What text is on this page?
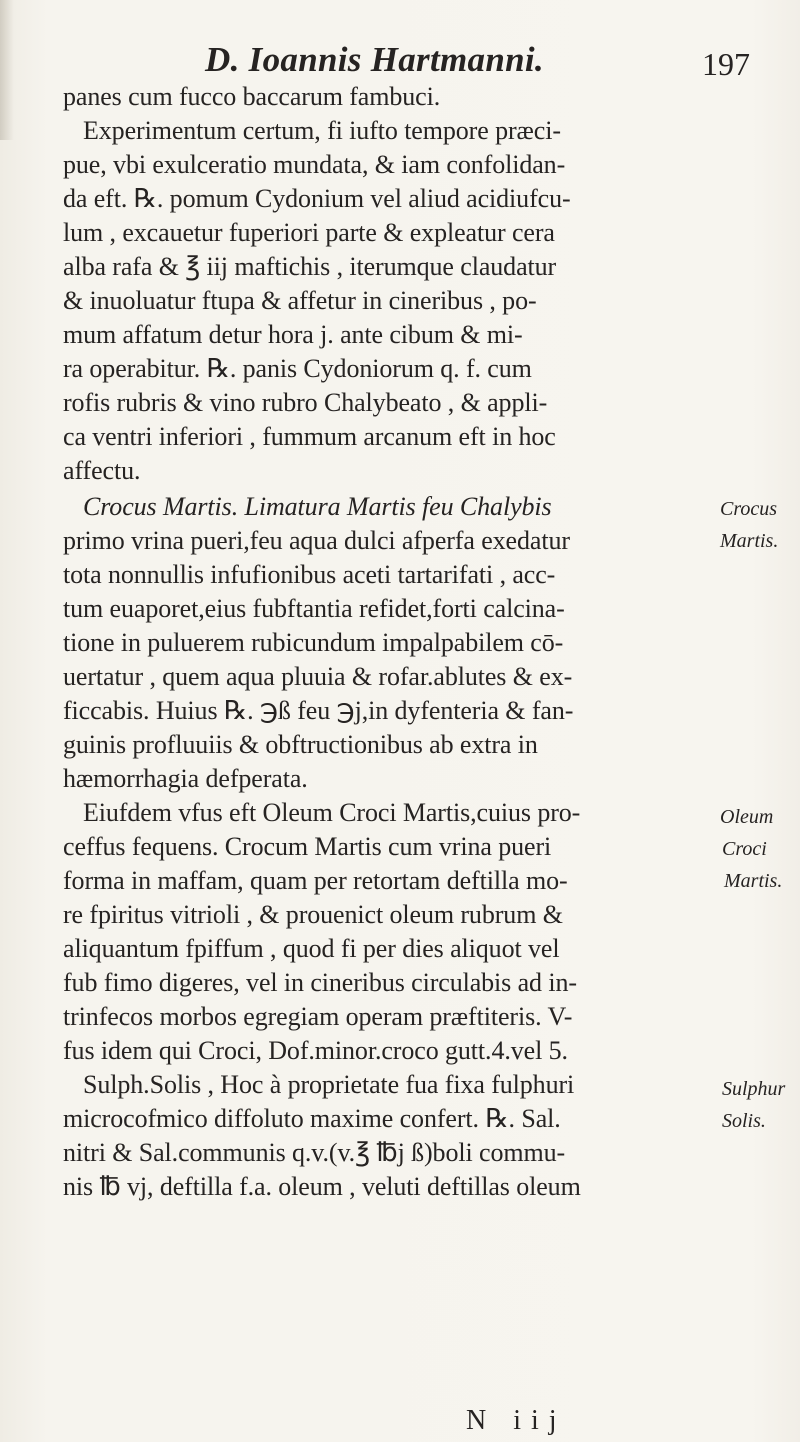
D. Ioannis Hartmanni.	197
panes cum fucco baccarum fambuci.
Experimentum certum, fi iufto tempore præci-
pue, vbi exulceratio mundata, & iam confolidan-
da eft. ℞. pomum Cydonium vel aliud acidiufcu-
lum , excauetur fuperiori parte & expleatur cera
alba rafa & ℥ iij maftichis , iterumque claudatur
& inuoluatur ftupa & affetur in cineribus , po-
mum affatum detur hora j. ante cibum & mi-
ra operabitur. ℞. panis Cydoniorum q. f. cum
rofis rubris & vino rubro Chalybeato , & appli-
ca ventri inferiori , fummum arcanum eft in hoc
affectu.
Crocus Martis. Limatura Martis feu Chalybis
primo vrina pueri,feu aqua dulci afperfa exedatur
tota nonnullis infufionibus aceti tartarifati , acc-
tum euaporet,eius fubftantia refidet,forti calcina-
tione in puluerem rubicundum impalpabilem cō-
uertatur , quem aqua pluuia & rofar.ablutes & ex-
ficcabis. Huius ℞. ℈ß feu ℈j,in dyfenteria & fan-
guinis profluuiis & obftructionibus ab extra in
hæmorrhagia defperata.
Eiufdem vfus eft Oleum Croci Martis,cuius pro-
ceffus fequens. Crocum Martis cum vrina pueri
forma in maffam, quam per retortam deftilla mo-
re fpiritus vitrioli , & prouenict oleum rubrum &
aliquantum fpiffum , quod fi per dies aliquot vel
fub fimo digeres, vel in cineribus circulabis ad in-
trinfecos morbos egregiam operam præftiteris. V-
fus idem qui Croci, Dof.minor.croco gutt.4.vel 5.
Sulph.Solis , Hoc à proprietate fua fixa fulphuri
microcofmico diffoluto maxime confert. ℞. Sal.
nitri & Sal.communis q.v.(v.℥ ℔j ß)boli commu-
nis ℔ vj, deftilla f.a. oleum , veluti deftillas oleum
Crocus
Martis.
Oleum
Croci
Martis.
Sulphur
Solis.
N iij
